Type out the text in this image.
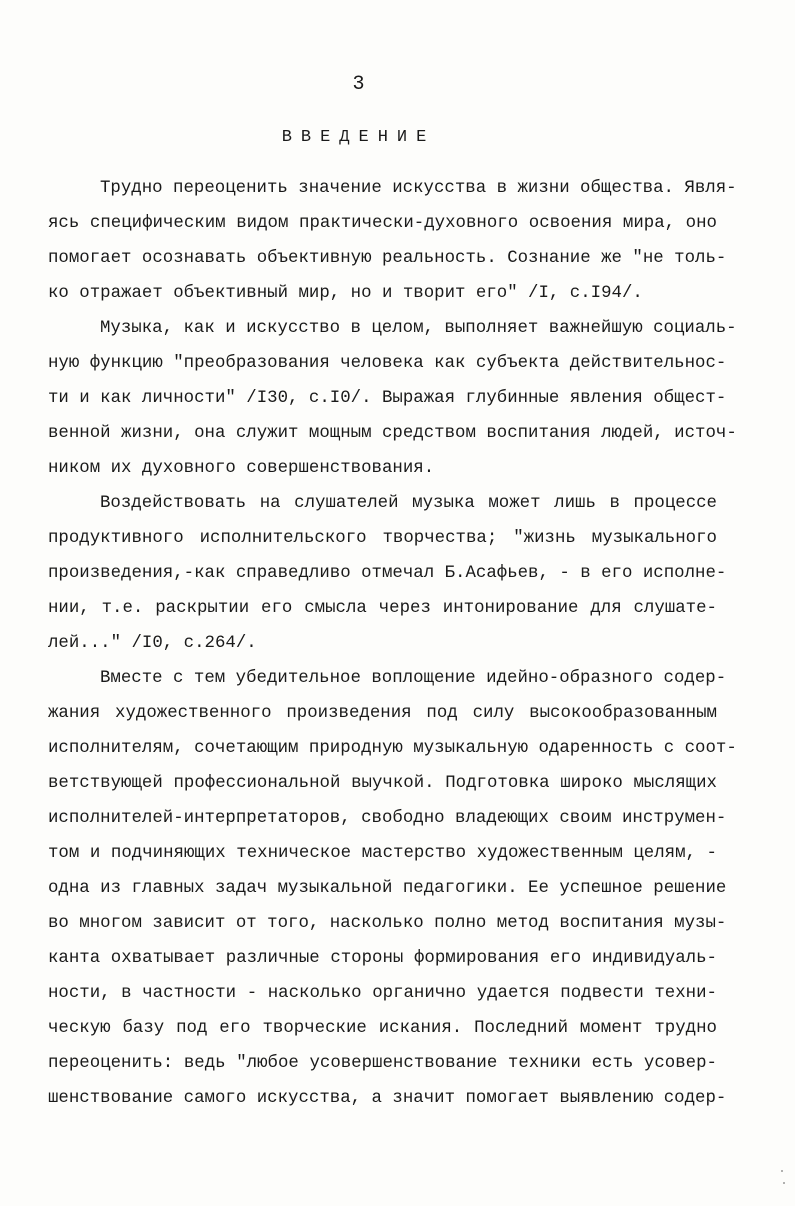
3
ВВЕДЕНИЕ
Трудно переоценить значение искусства в жизни общества. Явля-
ясь специфическим видом практически-духовного освоения мира, оно
помогает осознавать объективную реальность. Сознание же "не толь-
ко отражает объективный мир, но и творит его" /I, с.I94/.
Музыка, как и искусство в целом, выполняет важнейшую социаль-
ную функцию "преобразования человека как субъекта действительнос-
ти и как личности" /I30, с.I0/. Выражая глубинные явления общест-
венной жизни, она служит мощным средством воспитания людей, источ-
ником их духовного совершенствования.
Воздействовать на слушателей музыка может лишь в процессе
продуктивного исполнительского творчества; "жизнь музыкального
произведения,-как справедливо отмечал Б.Асафьев, - в его исполне-
нии, т.е. раскрытии его смысла через интонирование для слушате-
лей..." /I0, с.264/.
Вместе с тем убедительное воплощение идейно-образного содер-
жания художественного произведения под силу высокообразованным
исполнителям, сочетающим природную музыкальную одаренность с соот-
ветствующей профессиональной выучкой. Подготовка широко мыслящих
исполнителей-интерпретаторов, свободно владеющих своим инструмен-
том и подчиняющих техническое мастерство художественным целям, -
одна из главных задач музыкальной педагогики. Ее успешное решение
во многом зависит от того, насколько полно метод воспитания музы-
канта охватывает различные стороны формирования его индивидуаль-
ности, в частности - насколько органично удается подвести техни-
ческую базу под его творческие искания. Последний момент трудно
переоценить: ведь "любое усовершенствование техники есть усовер-
шенствование самого искусства, а значит помогает выявлению содер-
